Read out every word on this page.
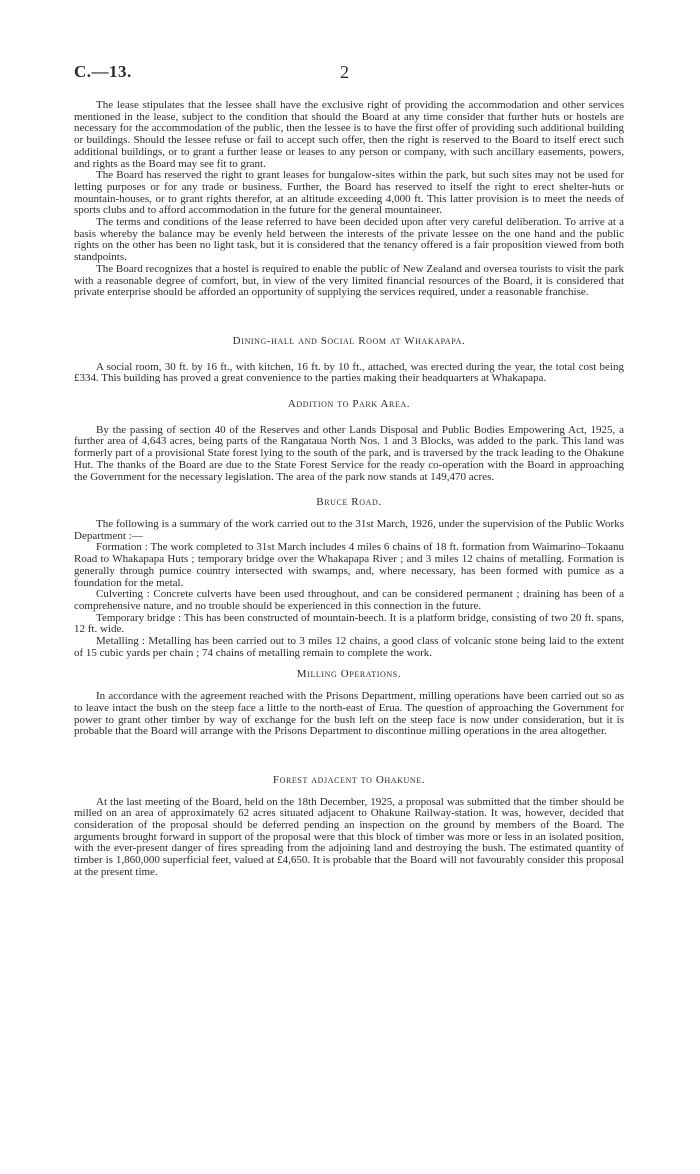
C.—13.	2

The lease stipulates that the lessee shall have the exclusive right of providing the accommodation and other services mentioned in the lease, subject to the condition that should the Board at any time consider that further huts or hostels are necessary for the accommodation of the public, then the lessee is to have the first offer of providing such additional building or buildings. Should the lessee refuse or fail to accept such offer, then the right is reserved to the Board to itself erect such additional buildings, or to grant a further lease or leases to any person or company, with such ancillary easements, powers, and rights as the Board may see fit to grant.

The Board has reserved the right to grant leases for bungalow-sites within the park, but such sites may not be used for letting purposes or for any trade or business. Further, the Board has reserved to itself the right to erect shelter-huts or mountain-houses, or to grant rights therefor, at an altitude exceeding 4,000 ft. This latter provision is to meet the needs of sports clubs and to afford accommodation in the future for the general mountaineer.

The terms and conditions of the lease referred to have been decided upon after very careful deliberation. To arrive at a basis whereby the balance may be evenly held between the interests of the private lessee on the one hand and the public rights on the other has been no light task, but it is considered that the tenancy offered is a fair proposition viewed from both standpoints.

The Board recognizes that a hostel is required to enable the public of New Zealand and oversea tourists to visit the park with a reasonable degree of comfort, but, in view of the very limited financial resources of the Board, it is considered that private enterprise should be afforded an opportunity of supplying the services required, under a reasonable franchise.

Dining-hall and Social Room at Whakapapa.

A social room, 30 ft. by 16 ft., with kitchen, 16 ft. by 10 ft., attached, was erected during the year, the total cost being £334. This building has proved a great convenience to the parties making their headquarters at Whakapapa.

Addition to Park Area.

By the passing of section 40 of the Reserves and other Lands Disposal and Public Bodies Empowering Act, 1925, a further area of 4,643 acres, being parts of the Rangataua North Nos. 1 and 3 Blocks, was added to the park. This land was formerly part of a provisional State forest lying to the south of the park, and is traversed by the track leading to the Ohakune Hut. The thanks of the Board are due to the State Forest Service for the ready co-operation with the Board in approaching the Government for the necessary legislation. The area of the park now stands at 149,470 acres.

Bruce Road.

The following is a summary of the work carried out to the 31st March, 1926, under the supervision of the Public Works Department :—

Formation : The work completed to 31st March includes 4 miles 6 chains of 18 ft. formation from Waimarino–Tokaanu Road to Whakapapa Huts ; temporary bridge over the Whakapapa River ; and 3 miles 12 chains of metalling. Formation is generally through pumice country intersected with swamps, and, where necessary, has been formed with pumice as a foundation for the metal.

Culverting : Concrete culverts have been used throughout, and can be considered permanent ; draining has been of a comprehensive nature, and no trouble should be experienced in this connection in the future.

Temporary bridge : This has been constructed of mountain-beech. It is a platform bridge, consisting of two 20 ft. spans, 12 ft. wide.

Metalling : Metalling has been carried out to 3 miles 12 chains, a good class of volcanic stone being laid to the extent of 15 cubic yards per chain ; 74 chains of metalling remain to complete the work.

Milling Operations.

In accordance with the agreement reached with the Prisons Department, milling operations have been carried out so as to leave intact the bush on the steep face a little to the north-east of Erua. The question of approaching the Government for power to grant other timber by way of exchange for the bush left on the steep face is now under consideration, but it is probable that the Board will arrange with the Prisons Department to discontinue milling operations in the area altogether.

Forest adjacent to Ohakune.

At the last meeting of the Board, held on the 18th December, 1925, a proposal was submitted that the timber should be milled on an area of approximately 62 acres situated adjacent to Ohakune Railway-station. It was, however, decided that consideration of the proposal should be deferred pending an inspection on the ground by members of the Board. The arguments brought forward in support of the proposal were that this block of timber was more or less in an isolated position, with the ever-present danger of fires spreading from the adjoining land and destroying the bush. The estimated quantity of timber is 1,860,000 superficial feet, valued at £4,650. It is probable that the Board will not favourably consider this proposal at the present time.
